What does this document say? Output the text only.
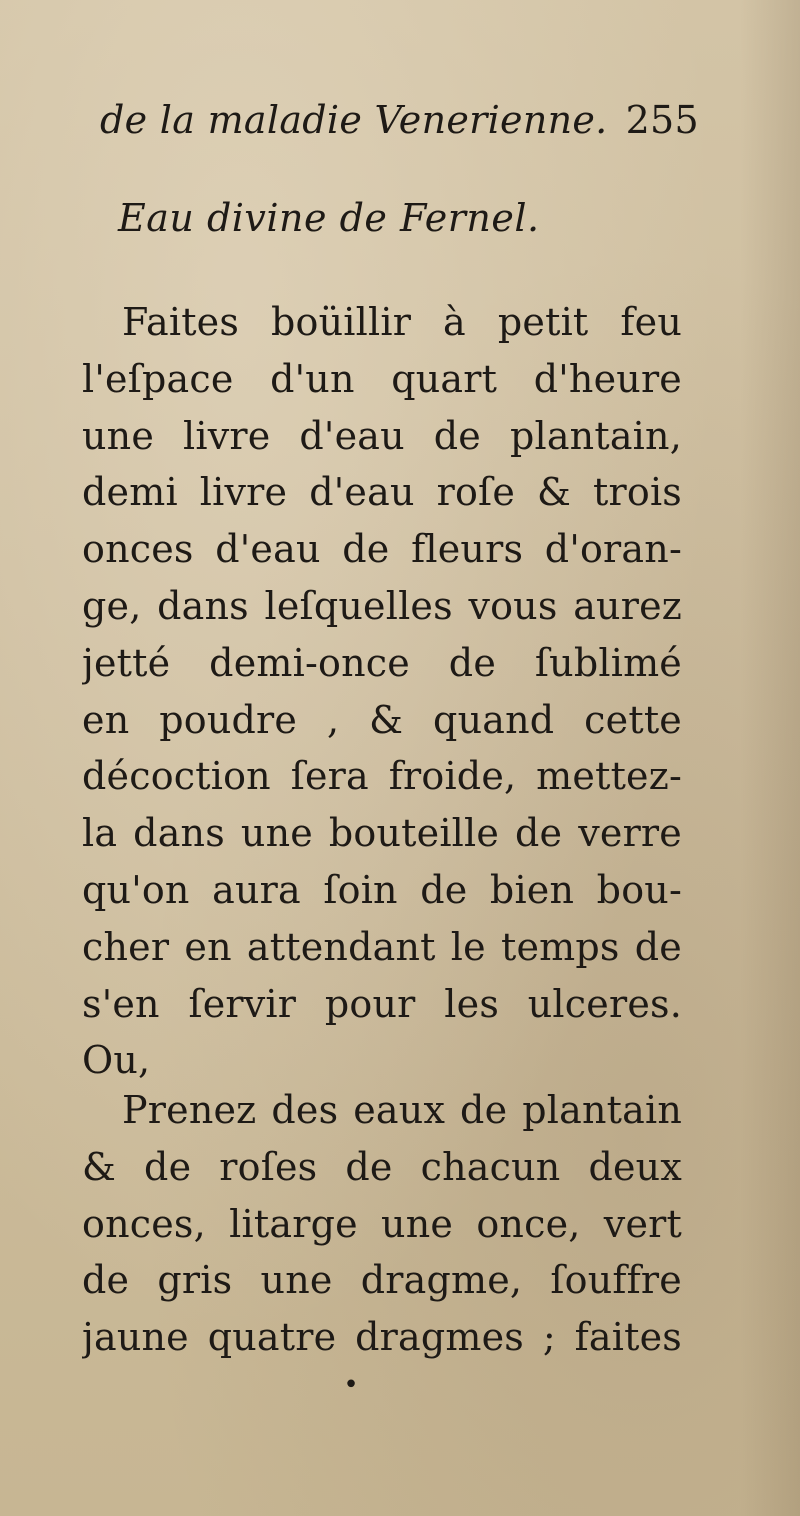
de la maladie Venerienne. 255
Eau divine de Fernel.
Faites boüillir à petit feu
l'eſpace d'un quart d'heure
une livre d'eau de plantain,
demi livre d'eau roſe & trois
onces d'eau de fleurs d'oran-
ge, dans leſquelles vous aurez
jetté demi-once de ſublimé
en poudre , & quand cette
décoction ſera froide, mettez-
la dans une bouteille de verre
qu'on aura ſoin de bien bou-
cher en attendant le temps de
s'en ſervir pour les ulceres.
Ou,
Prenez des eaux de plantain
& de roſes de chacun deux
onces, litarge une once, vert
de gris une dragme, ſouffre
jaune quatre dragmes ; faites
•
